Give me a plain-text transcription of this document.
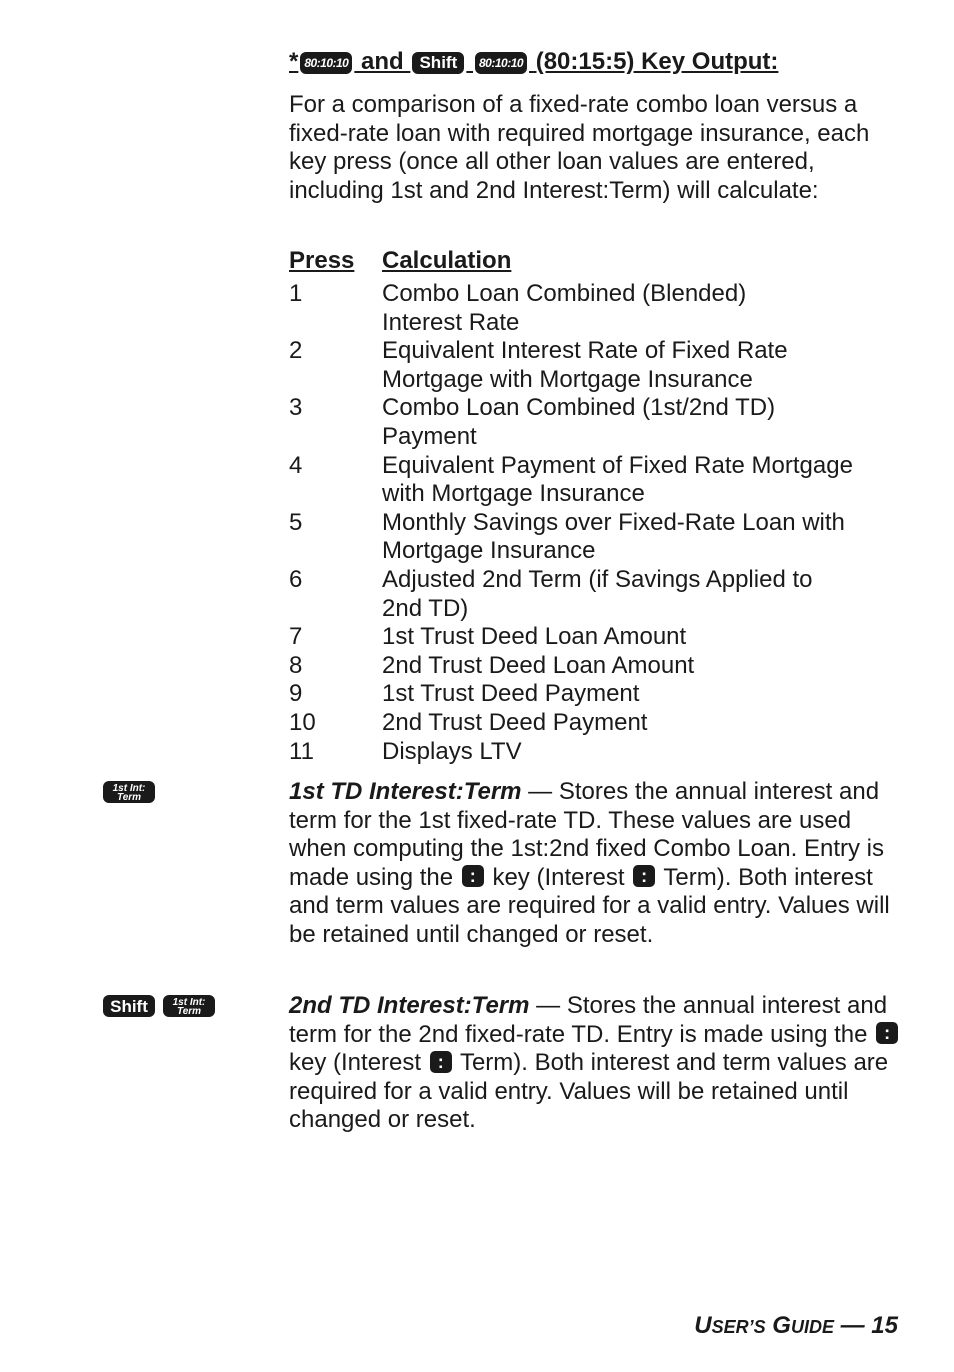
* 80:10:10 and Shift 80:10:10 (80:15:5) Key Output:
For a comparison of a fixed-rate combo loan versus a fixed-rate loan with required mortgage insurance, each key press (once all other loan values are entered, including 1st and 2nd Interest:Term) will calculate:
Press	Calculation
1	Combo Loan Combined (Blended)
Interest Rate
2	Equivalent Interest Rate of Fixed Rate
Mortgage with Mortgage Insurance
3	Combo Loan Combined (1st/2nd TD)
Payment
4	Equivalent Payment of Fixed Rate Mortgage
with Mortgage Insurance
5	Monthly Savings over Fixed-Rate Loan with
Mortgage Insurance
6	Adjusted 2nd Term (if Savings Applied to
2nd TD)
7	1st Trust Deed Loan Amount
8	2nd Trust Deed Loan Amount
9	1st Trust Deed Payment
10	2nd Trust Deed Payment
11	Displays LTV
1st Int:
Term	1st TD Interest:Term — Stores the annual interest and term for the 1st fixed-rate TD. These values are used when computing the 1st:2nd fixed Combo Loan. Entry is made using the : key (Interest : Term). Both interest and term values are required for a valid entry. Values will be retained until changed or reset.
Shift	1st Int:
Term	2nd TD Interest:Term — Stores the annual interest and term for the 2nd fixed-rate TD. Entry is made using the : key (Interest : Term). Both interest and term values are required for a valid entry. Values will be retained until changed or reset.
USER’S GUIDE — 15
